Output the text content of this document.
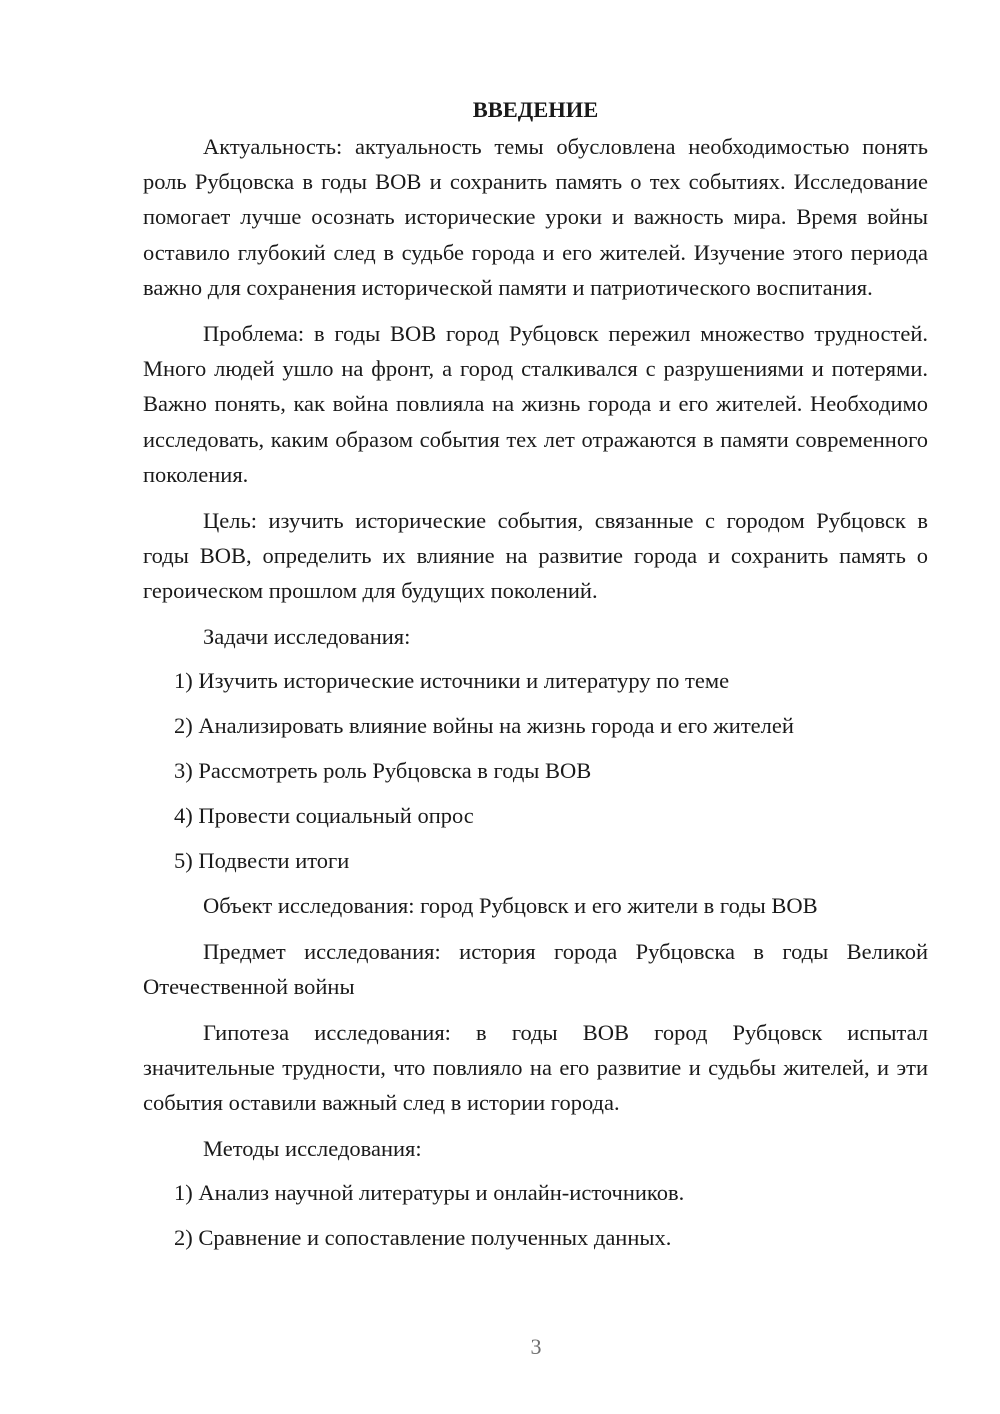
ВВЕДЕНИЕ

Актуальность: актуальность темы обусловлена необходимостью понять роль Рубцовска в годы ВОВ и сохранить память о тех событиях. Исследование помогает лучше осознать исторические уроки и важность мира. Время войны оставило глубокий след в судьбе города и его жителей. Изучение этого периода важно для сохранения исторической памяти и патриотического воспитания.

Проблема: в годы ВОВ город Рубцовск пережил множество трудностей. Много людей ушло на фронт, а город сталкивался с разрушениями и потерями. Важно понять, как война повлияла на жизнь города и его жителей. Необходимо исследовать, каким образом события тех лет отражаются в памяти современного поколения.

Цель: изучить исторические события, связанные с городом Рубцовск в годы ВОВ, определить их влияние на развитие города и сохранить память о героическом прошлом для будущих поколений.

Задачи исследования:

1) Изучить исторические источники и литературу по теме

2) Анализировать влияние войны на жизнь города и его жителей

3) Рассмотреть роль Рубцовска в годы ВОВ

4) Провести социальный опрос

5) Подвести итоги

Объект исследования: город Рубцовск и его жители в годы ВОВ

Предмет исследования: история города Рубцовска в годы Великой Отечественной войны

Гипотеза исследования: в годы ВОВ город Рубцовск испытал значительные трудности, что повлияло на его развитие и судьбы жителей, и эти события оставили важный след в истории города.

Методы исследования:

1) Анализ научной литературы и онлайн-источников.

2) Сравнение и сопоставление полученных данных.

3
